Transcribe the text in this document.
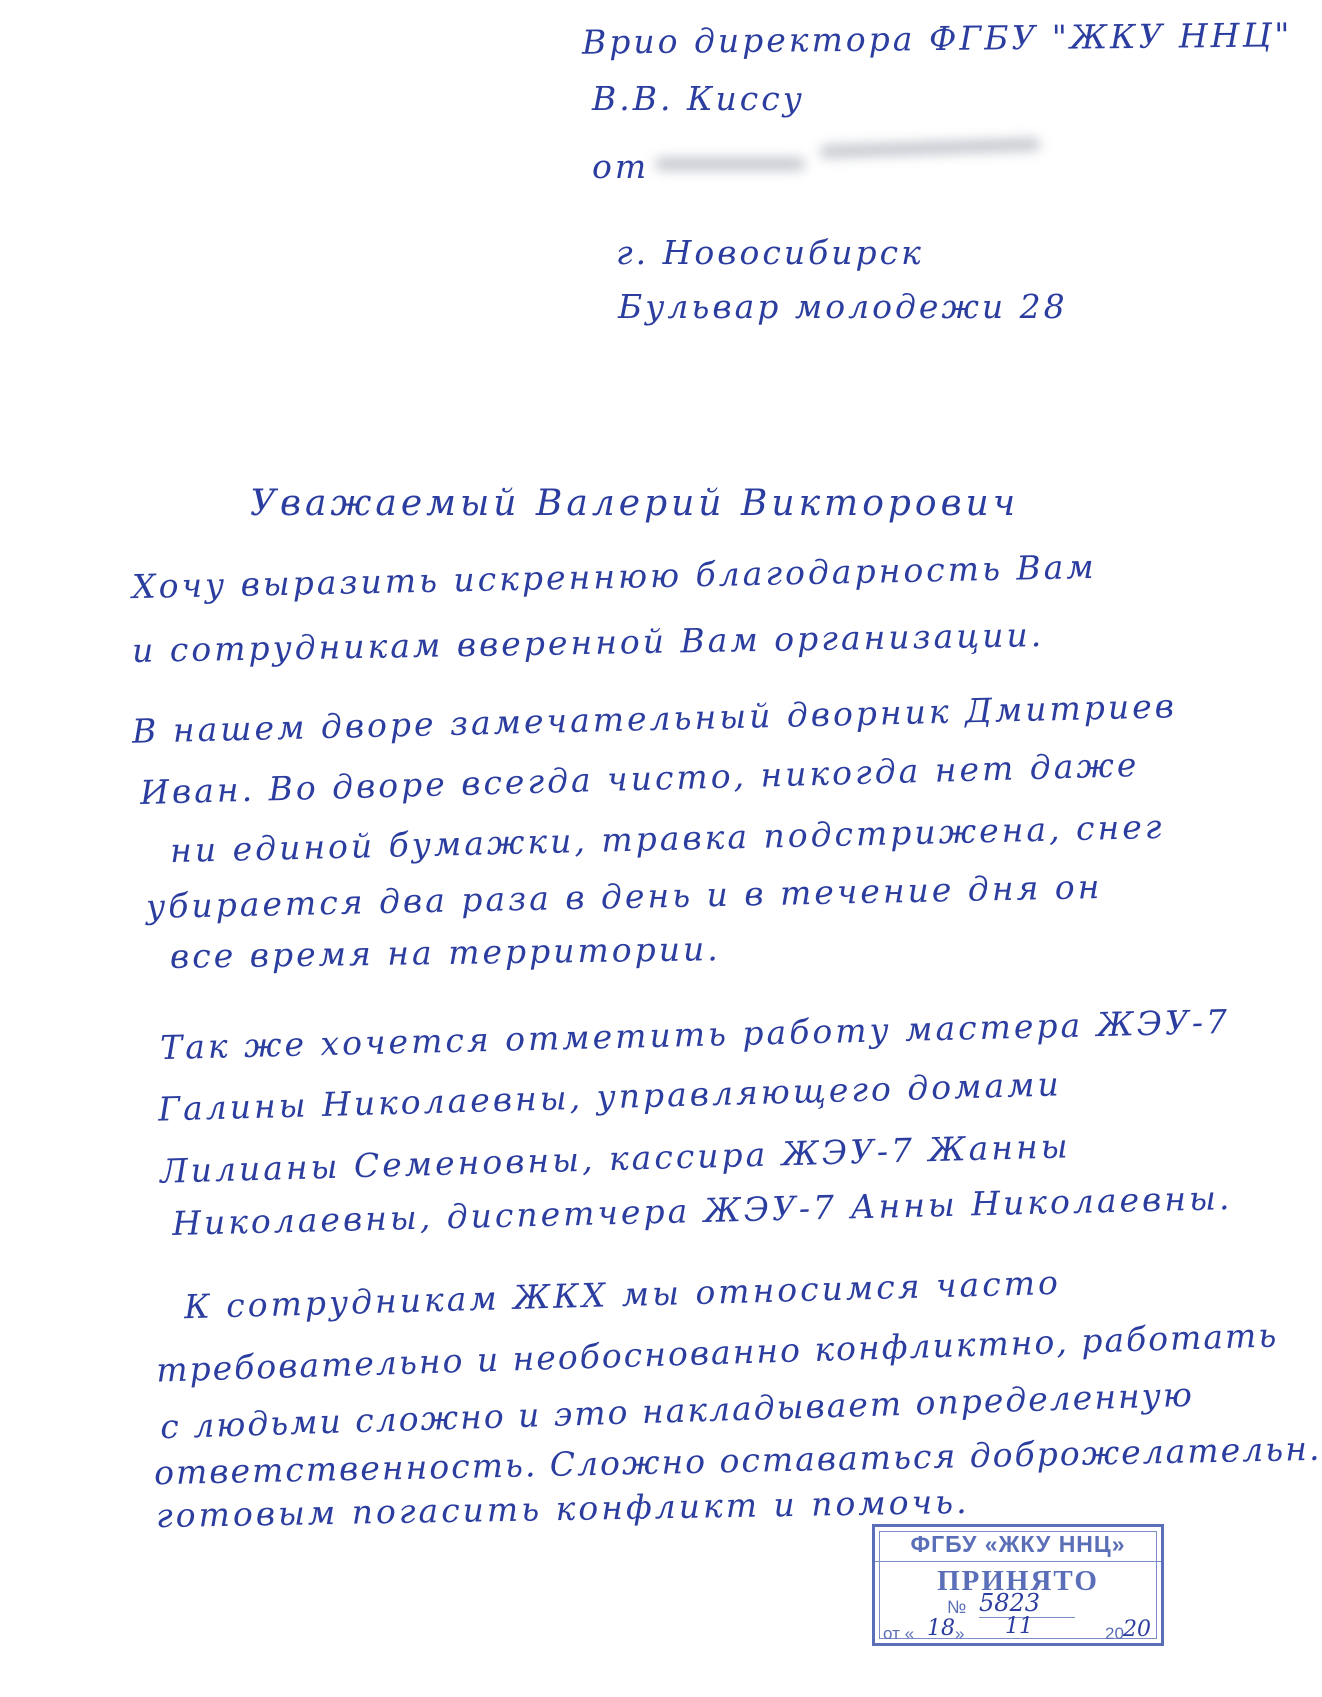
Врио директора ФГБУ "ЖКУ ННЦ"
В.В. Киссу
от
г. Новосибирск
Бульвар молодежи 28
Уважаемый Валерий Викторович
Хочу выразить искреннюю благодарность Вам
и сотрудникам вверенной Вам организации.
В нашем дворе замечательный дворник Дмитриев
Иван. Во дворе всегда чисто, никогда нет даже
ни единой бумажки, травка подстрижена, снег
убирается два раза в день и в течение дня он
все время на территории.
Так же хочется отметить работу мастера ЖЭУ-7
Галины Николаевны, управляющего домами
Лилианы Семеновны, кассира ЖЭУ-7 Жанны
Николаевны, диспетчера ЖЭУ-7 Анны Николаевны.
К сотрудникам ЖКХ мы относимся часто
требовательно и необоснованно конфликтно, работать
с людьми сложно и это накладывает определенную
ответственность. Сложно оставаться доброжелательн.
готовым погасить конфликт и помочь.
ФГБУ «ЖКУ ННЦ»
ПРИНЯТО
№ 5823
от « 18 » 11	20 20
